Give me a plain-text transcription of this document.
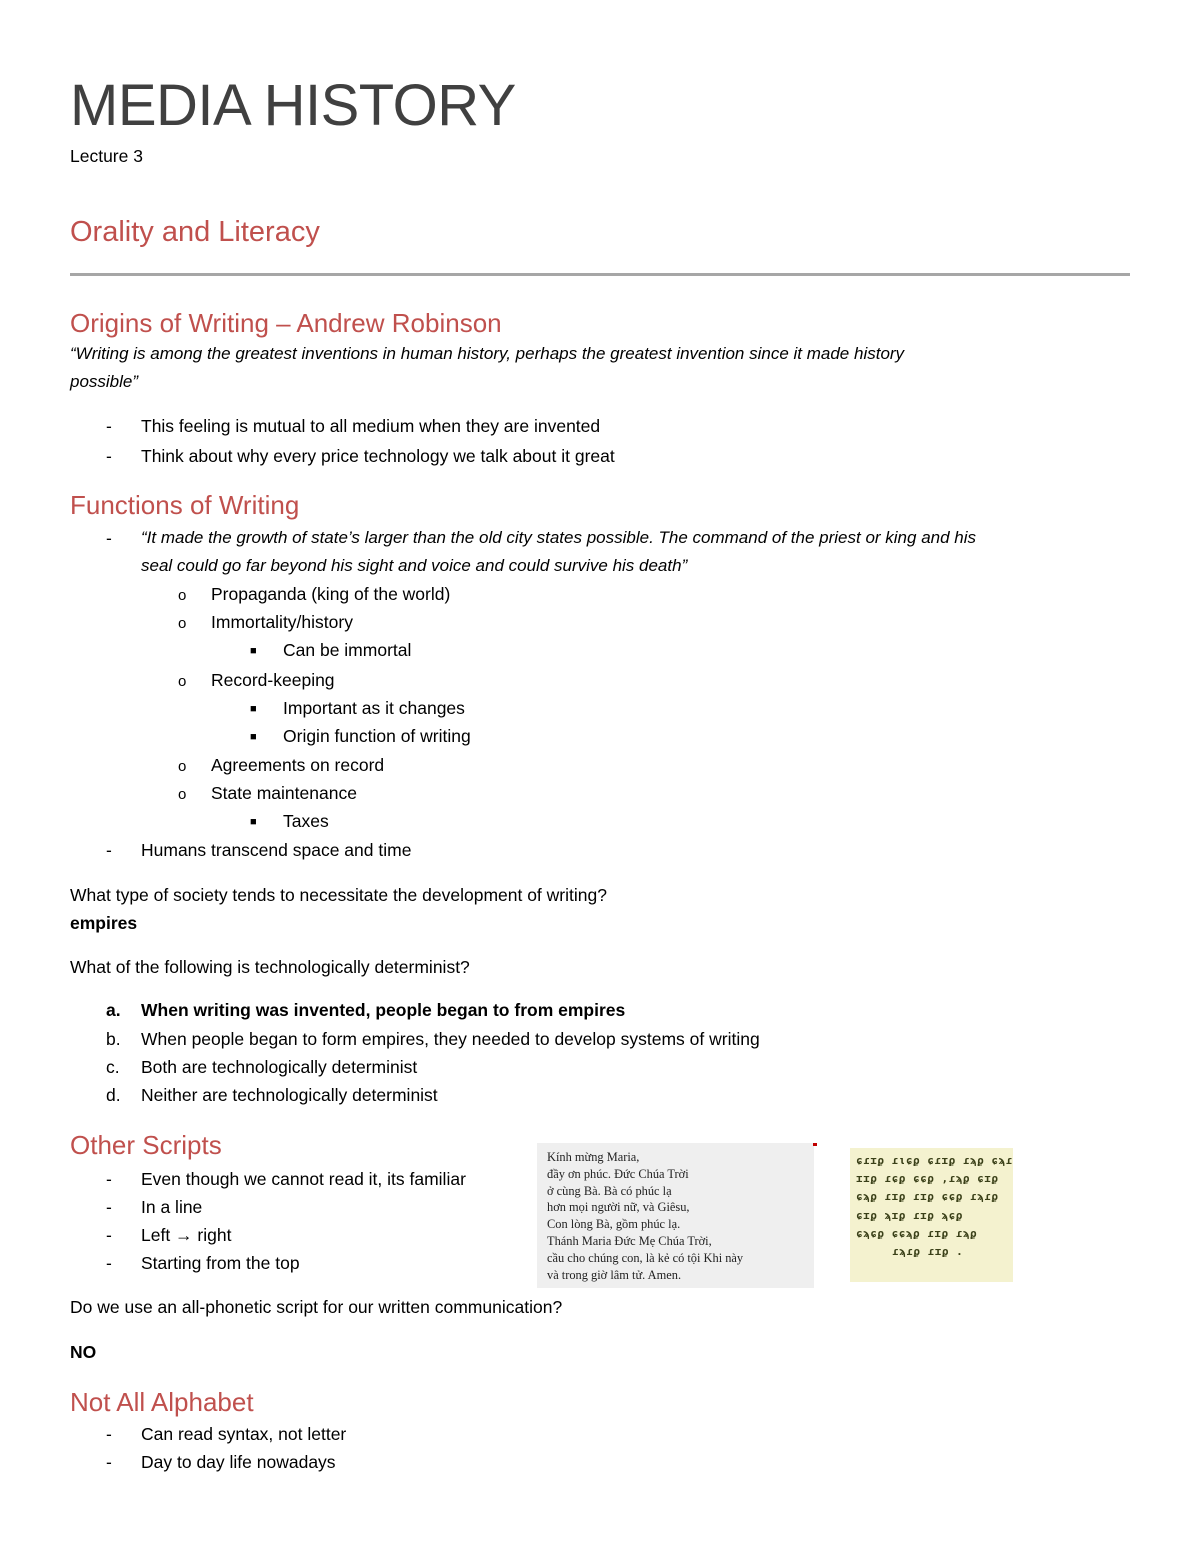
MEDIA HISTORY
Lecture 3
Orality and Literacy
Origins of Writing – Andrew Robinson
“Writing is among the greatest inventions in human history, perhaps the greatest invention since it made history
possible”
- This feeling is mutual to all medium when they are invented
- Think about why every price technology we talk about it great
Functions of Writing
- “It made the growth of state’s larger than the old city states possible. The command of the priest or king and his
seal could go far beyond his sight and voice and could survive his death”
o Propaganda (king of the world)
o Immortality/history
■ Can be immortal
o Record-keeping
■ Important as it changes
■ Origin function of writing
o Agreements on record
o State maintenance
■ Taxes
- Humans transcend space and time
What type of society tends to necessitate the development of writing?
empires
What of the following is technologically determinist?
a. When writing was invented, people began to from empires
b. When people began to form empires, they needed to develop systems of writing
c. Both are technologically determinist
d. Neither are technologically determinist
Other Scripts
- Even though we cannot read it, its familiar
- In a line
- Left → right
- Starting from the top
Kính mừng Maria,
đầy ơn phúc. Đức Chúa Trời
ở cùng Bà. Bà có phúc lạ
hơn mọi người nữ, và Giêsu,
Con lòng Bà, gồm phúc lạ.
Thánh Maria Đức Mẹ Chúa Trời,
cầu cho chúng con, là kẻ có tội Khi này
và trong giờ lâm tử. Amen.
ɕɾɪϼ ɾιɕϼ ɕɾɪϼ ɾϡϼ ɕϡɾ
ɪɪϼ ɾɕϼ ɕɕϼ ,ɾϡϼ ɕɪϼ
ɕϡϼ ɾɪϼ ɾɪϼ ɕɕϼ ɾϡɾϼ
ɕɪϼ ϡɪϼ ɾɪϼ ϡɕϼ
ɕϡɕϼ ɕɕϡϼ ɾɪϼ ɾϡϼ
ɾϡɾϼ ɾɪϼ .
Do we use an all-phonetic script for our written communication?
NO
Not All Alphabet
- Can read syntax, not letter
- Day to day life nowadays
